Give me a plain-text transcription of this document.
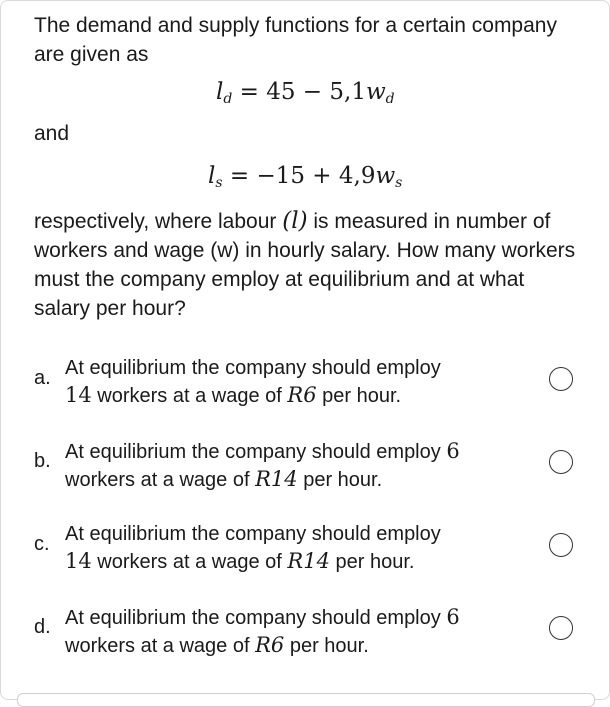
The demand and supply functions for a certain company are given as

$l_d = 45 - 5,1w_d$
and
$l_s = -15 + 4,9w_s$
respectively, where labour (l) is measured in number of workers and wage (w) in hourly salary. How many workers must the company employ at equilibrium and at what salary per hour?
a. At equilibrium the company should employ
14 workers at a wage of R6 per hour.
b. At equilibrium the company should employ 6
workers at a wage of R14 per hour.
c. At equilibrium the company should employ
14 workers at a wage of R14 per hour.
d. At equilibrium the company should employ 6
workers at a wage of R6 per hour.
